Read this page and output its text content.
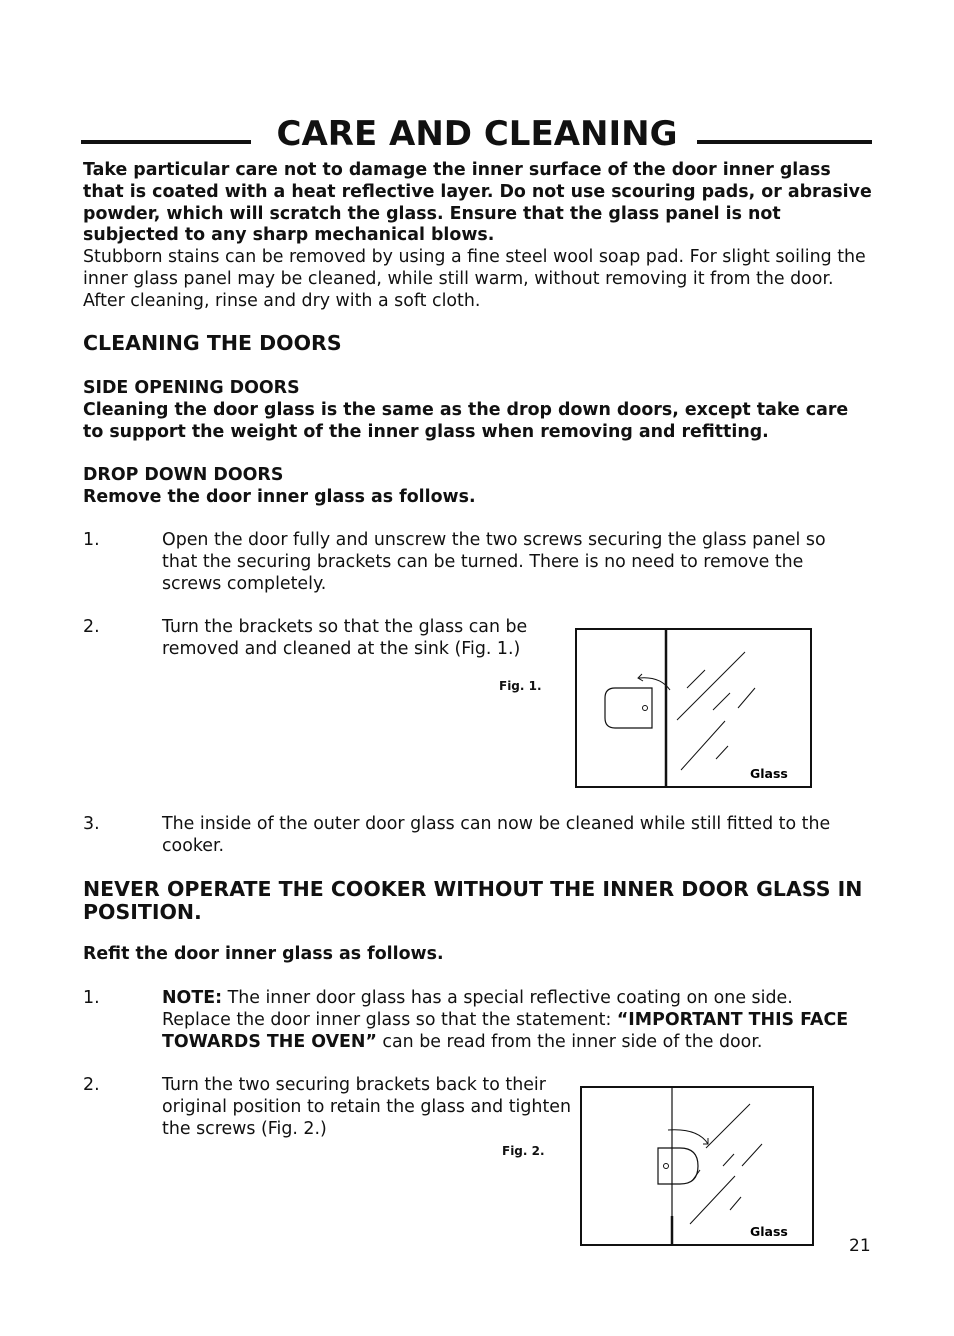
CARE AND CLEANING
Take particular care not to damage the inner surface of the door inner glass that is coated with a heat reflective layer. Do not use scouring pads, or abrasive powder, which will scratch the glass. Ensure that the glass panel is not subjected to any sharp mechanical blows.
Stubborn stains can be removed by using a fine steel wool soap pad. For slight soiling the inner glass panel may be cleaned, while still warm, without removing it from the door. After cleaning, rinse and dry with a soft cloth.
CLEANING THE DOORS
SIDE OPENING DOORS
Cleaning the door glass is the same as the drop down doors, except take care to support the weight of the inner glass when removing and refitting.
DROP DOWN DOORS
Remove the door inner glass as follows.
1.	Open the door fully and unscrew the two screws securing the glass panel so that the securing brackets can be turned. There is no need to remove the screws completely.
2.	Turn the brackets so that the glass can be removed and cleaned at the sink (Fig. 1.)
Fig. 1.
Glass
3.	The inside of the outer door glass can now be cleaned while still fitted to the cooker.
NEVER OPERATE THE COOKER WITHOUT THE INNER DOOR GLASS IN POSITION.
Refit the door inner glass as follows.
1.	NOTE: The inner door glass has a special reflective coating on one side. Replace the door inner glass so that the statement: “IMPORTANT THIS FACE TOWARDS THE OVEN” can be read from the inner side of the door.
2.	Turn the two securing brackets back to their original position to retain the glass and tighten the screws (Fig. 2.)
Fig. 2.
Glass
21
